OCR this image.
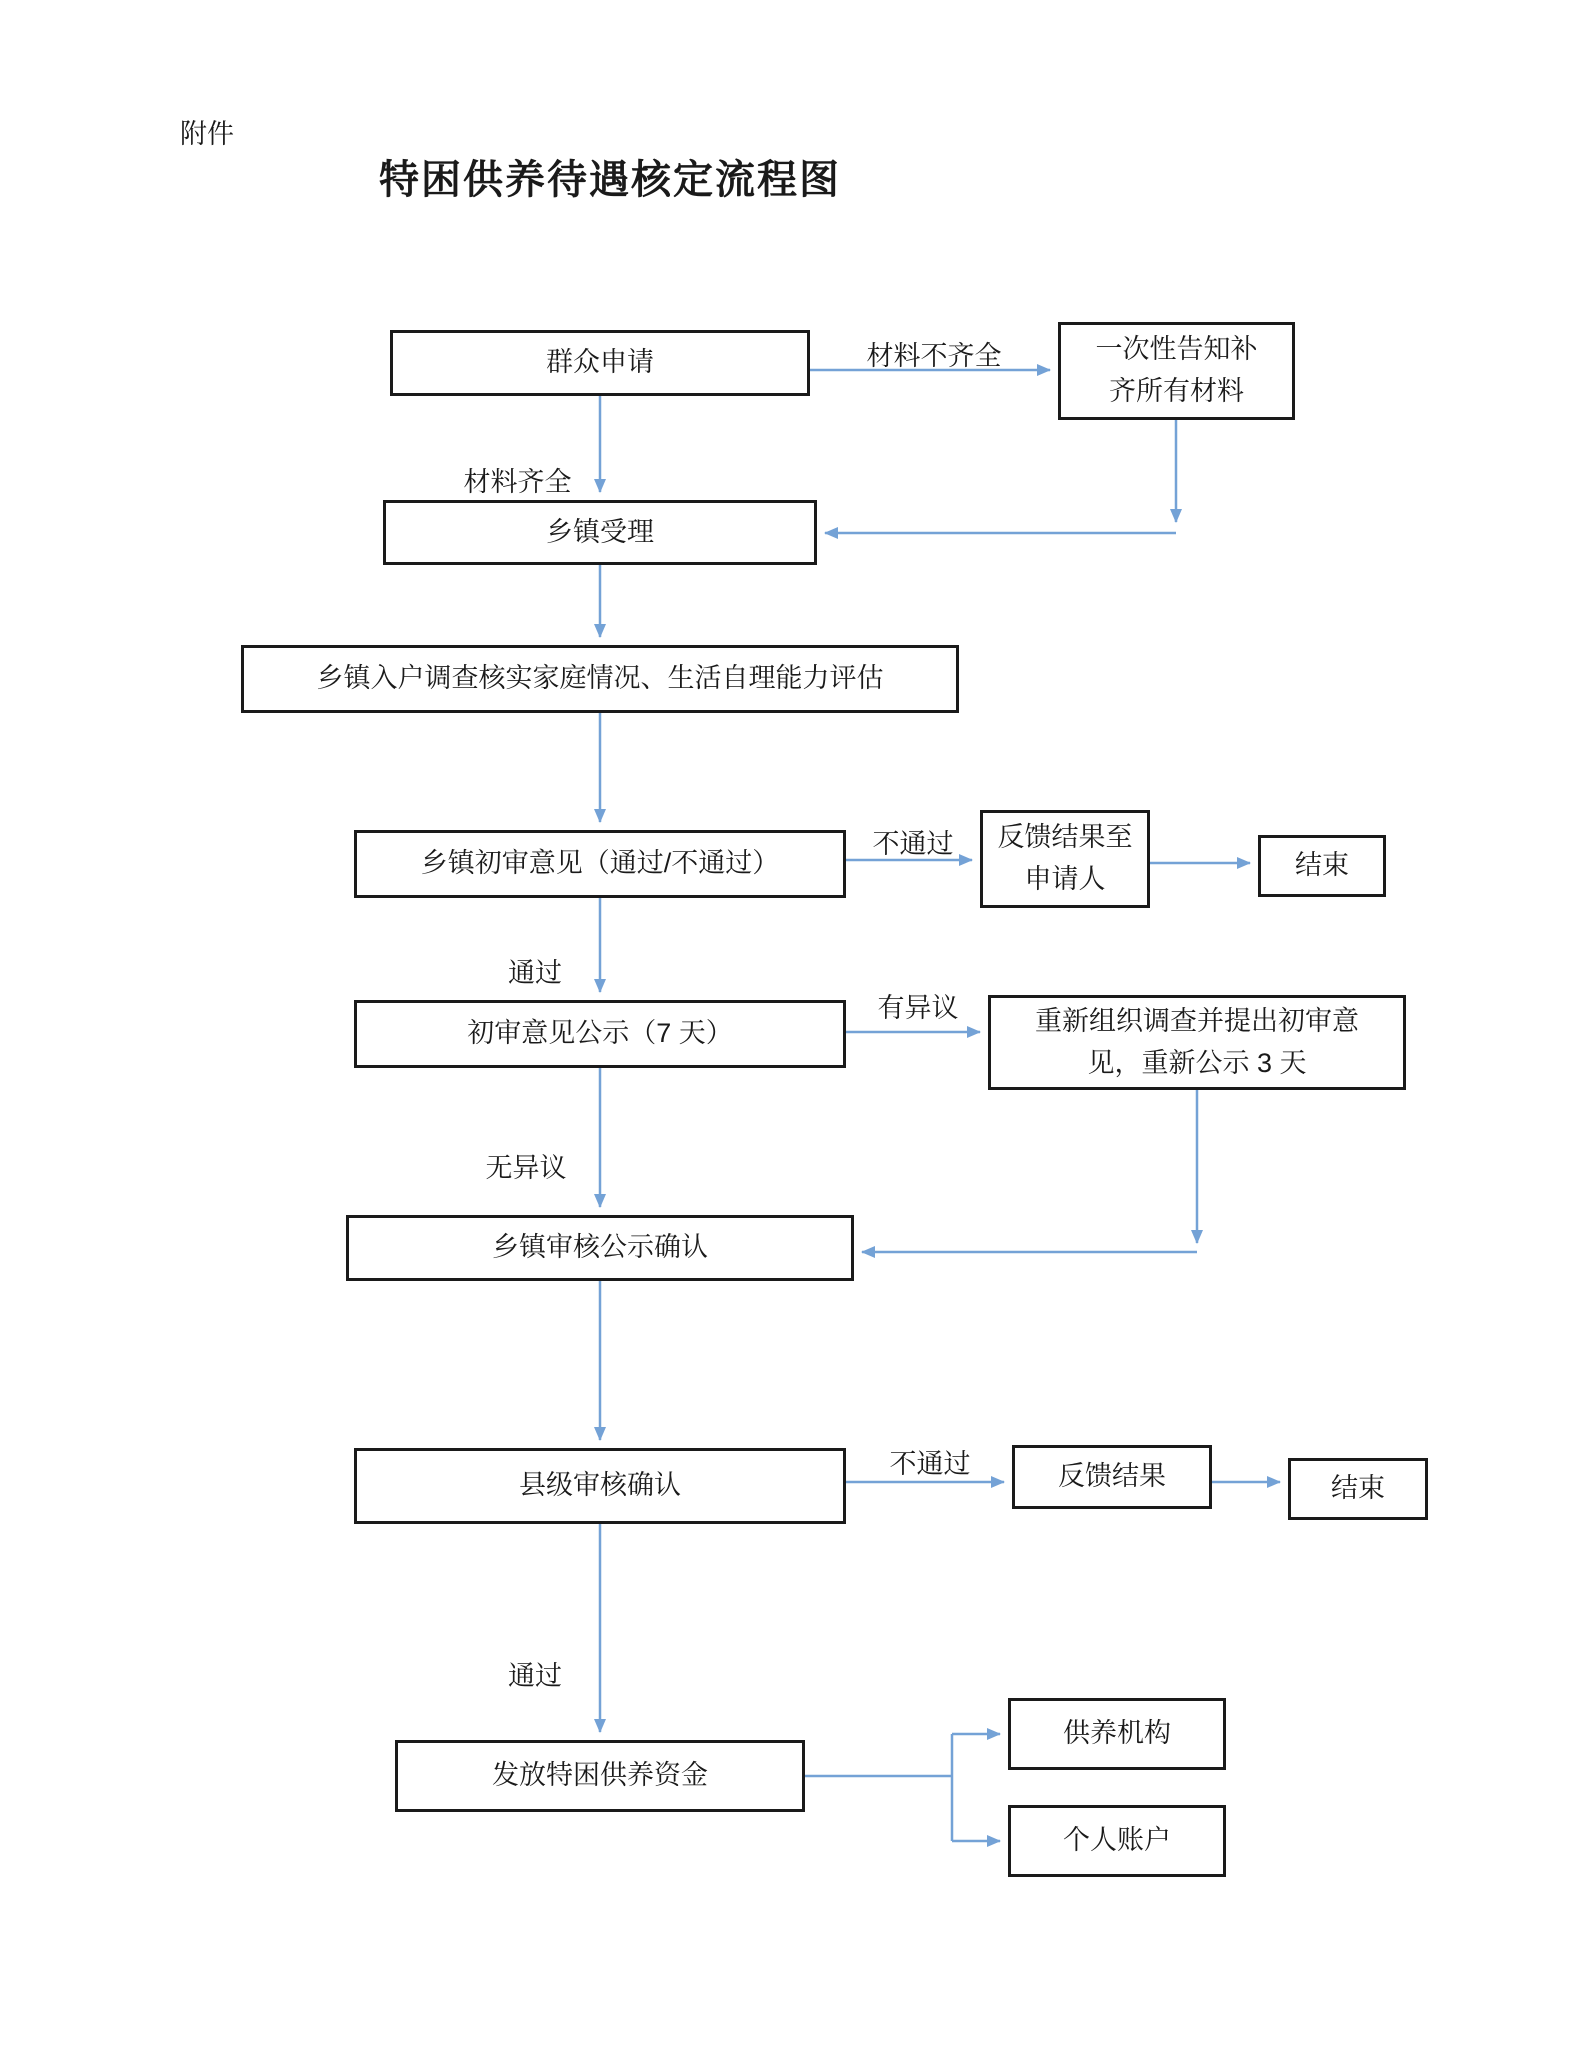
附件
特困供养待遇核定流程图
群众申请	一次性告知补齐所有材料
乡镇受理
乡镇入户调查核实家庭情况、生活自理能力评估
乡镇初审意见（通过/不通过）
反馈结果至申请人	结束
初审意见公示（7 天）	重新组织调查并提出初审意见，重新公示 3 天
乡镇审核公示确认
县级审核确认	反馈结果	结束
发放特困供养资金
供养机构
个人账户
材料不齐全
材料齐全
不通过
通过
有异议
无异议
不通过
通过
